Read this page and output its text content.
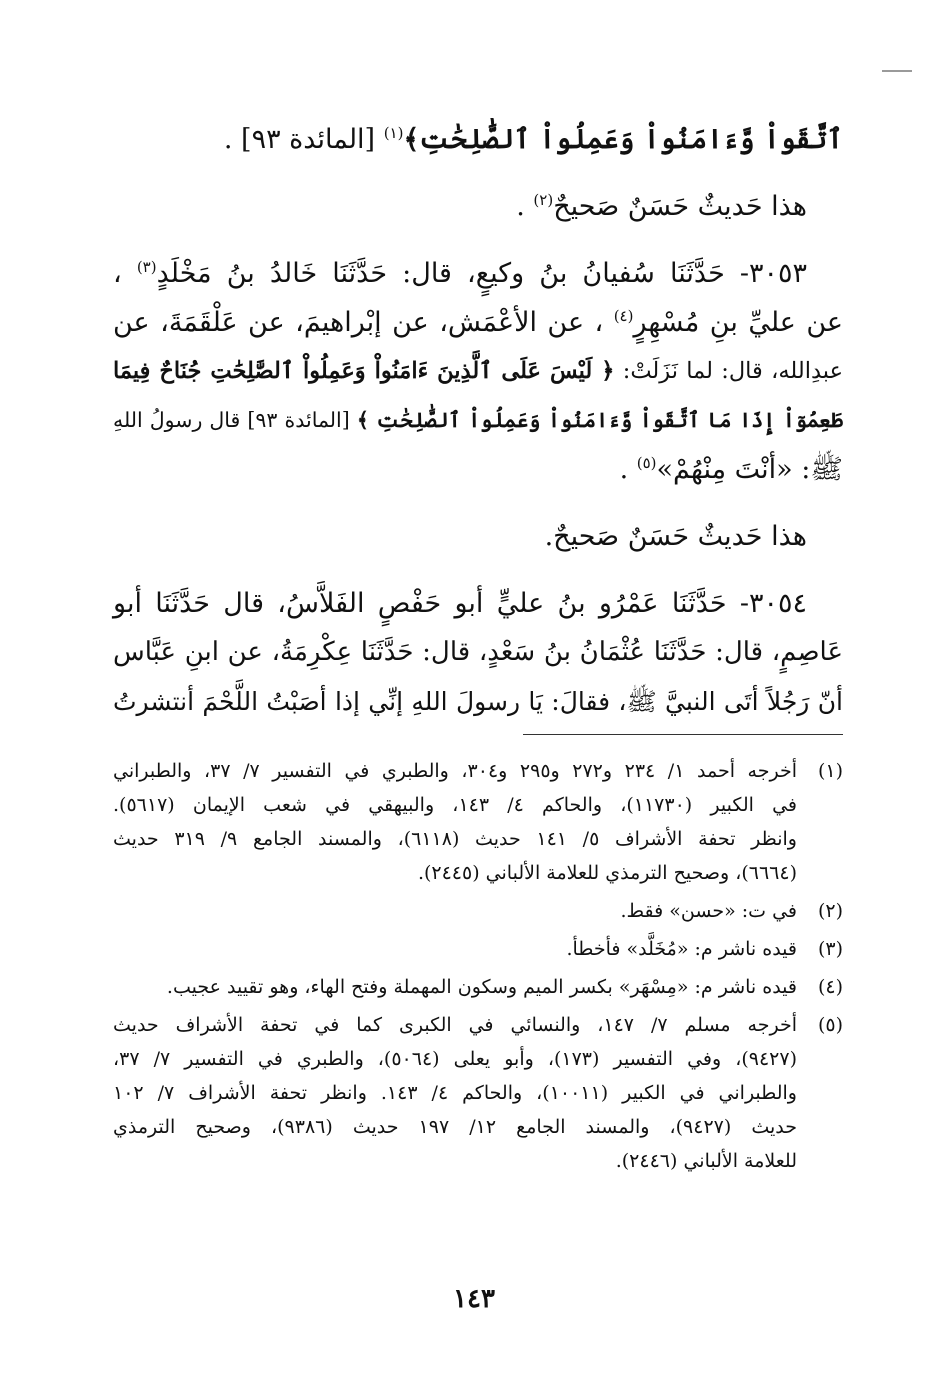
ٱتَّقَواْ وَّءَامَنُواْ وَعَمِلُواْ ٱلصَّٰلِحَٰتِ﴾$^{(١)}$ [المائدة ٩٣] .
هذا حَديثٌ حَسَنٌ صَحيحٌ$^{(٢)}$ .
٣٠٥٣- حَدَّثَنَا سُفيانُ بنُ وكيعٍ، قال: حَدَّثَنَا خَالدُ بنُ مَخْلَدٍ$^{(٣)}$ ،
عن عليِّ بنِ مُسْهِرٍ$^{(٤)}$ ، عن الأعْمَش، عن إبْراهيمَ، عن عَلْقَمَةَ، عن
عبدِالله، قال: لما نَزَلَتْ: ﴿ لَيْسَ عَلَى ٱلَّذِينَ ءَامَنُواْ وَعَمِلُواْ ٱلصَّٰلِحَٰتِ جُنَاحٌ فِيمَا
طَعِمُوٓاْ إِذَا مَا ٱتَّقَواْ وَّءَامَنُواْ وَعَمِلُواْ ٱلصَّٰلِحَٰتِ ﴾ [المائدة ٩٣] قال رسولُ اللهِ
ﷺ: «أنْتَ مِنْهُمْ»$^{(٥)}$ .
هذا حَديثٌ حَسَنٌ صَحيحٌ.
٣٠٥٤- حَدَّثَنَا عَمْرُو بنُ عليٍّ أبو حَفْصٍ الفَلاَّسُ، قال حَدَّثَنَا أبو
عَاصِمٍ، قال: حَدَّثَنَا عُثْمَانُ بنُ سَعْدٍ، قال: حَدَّثَنَا عِكْرِمَةُ، عن ابنِ عَبَّاس
أنّ رَجُلاً أتَى النبيَّ ﷺ، فقالَ: يَا رسولَ اللهِ إنِّي إذا أصَبْتُ اللَّحْمَ أنتشرتُ
(١)
أخرجه أحمد ١/ ٢٣٤ و٢٧٢ و٢٩٥ و٣٠٤، والطبري في التفسير ٧/ ٣٧، والطبراني
في الكبير (١١٧٣٠)، والحاكم ٤/ ١٤٣، والبيهقي في شعب الإيمان (٥٦١٧).
وانظر تحفة الأشراف ٥/ ١٤١ حديث (٦١١٨)، والمسند الجامع ٩/ ٣١٩ حديث
(٦٦٦٤)، وصحيح الترمذي للعلامة الألباني (٢٤٤٥).
(٢)
في ت: «حسن» فقط.
(٣)
قيده ناشر م: «مُخَلَّد» فأخطأ.
(٤)
قيده ناشر م: «مِسْهَر» بكسر الميم وسكون المهملة وفتح الهاء، وهو تقييد عجيب.
(٥)
أخرجه مسلم ٧/ ١٤٧، والنسائي في الكبرى كما في تحفة الأشراف حديث
(٩٤٢٧)، وفي التفسير (١٧٣)، وأبو يعلى (٥٠٦٤)، والطبري في التفسير ٧/ ٣٧،
والطبراني في الكبير (١٠٠١١)، والحاكم ٤/ ١٤٣. وانظر تحفة الأشراف ٧/ ١٠٢
حديث (٩٤٢٧)، والمسند الجامع ١٢/ ١٩٧ حديث (٩٣٨٦)، وصحيح الترمذي
للعلامة الألباني (٢٤٤٦).
١٤٣
